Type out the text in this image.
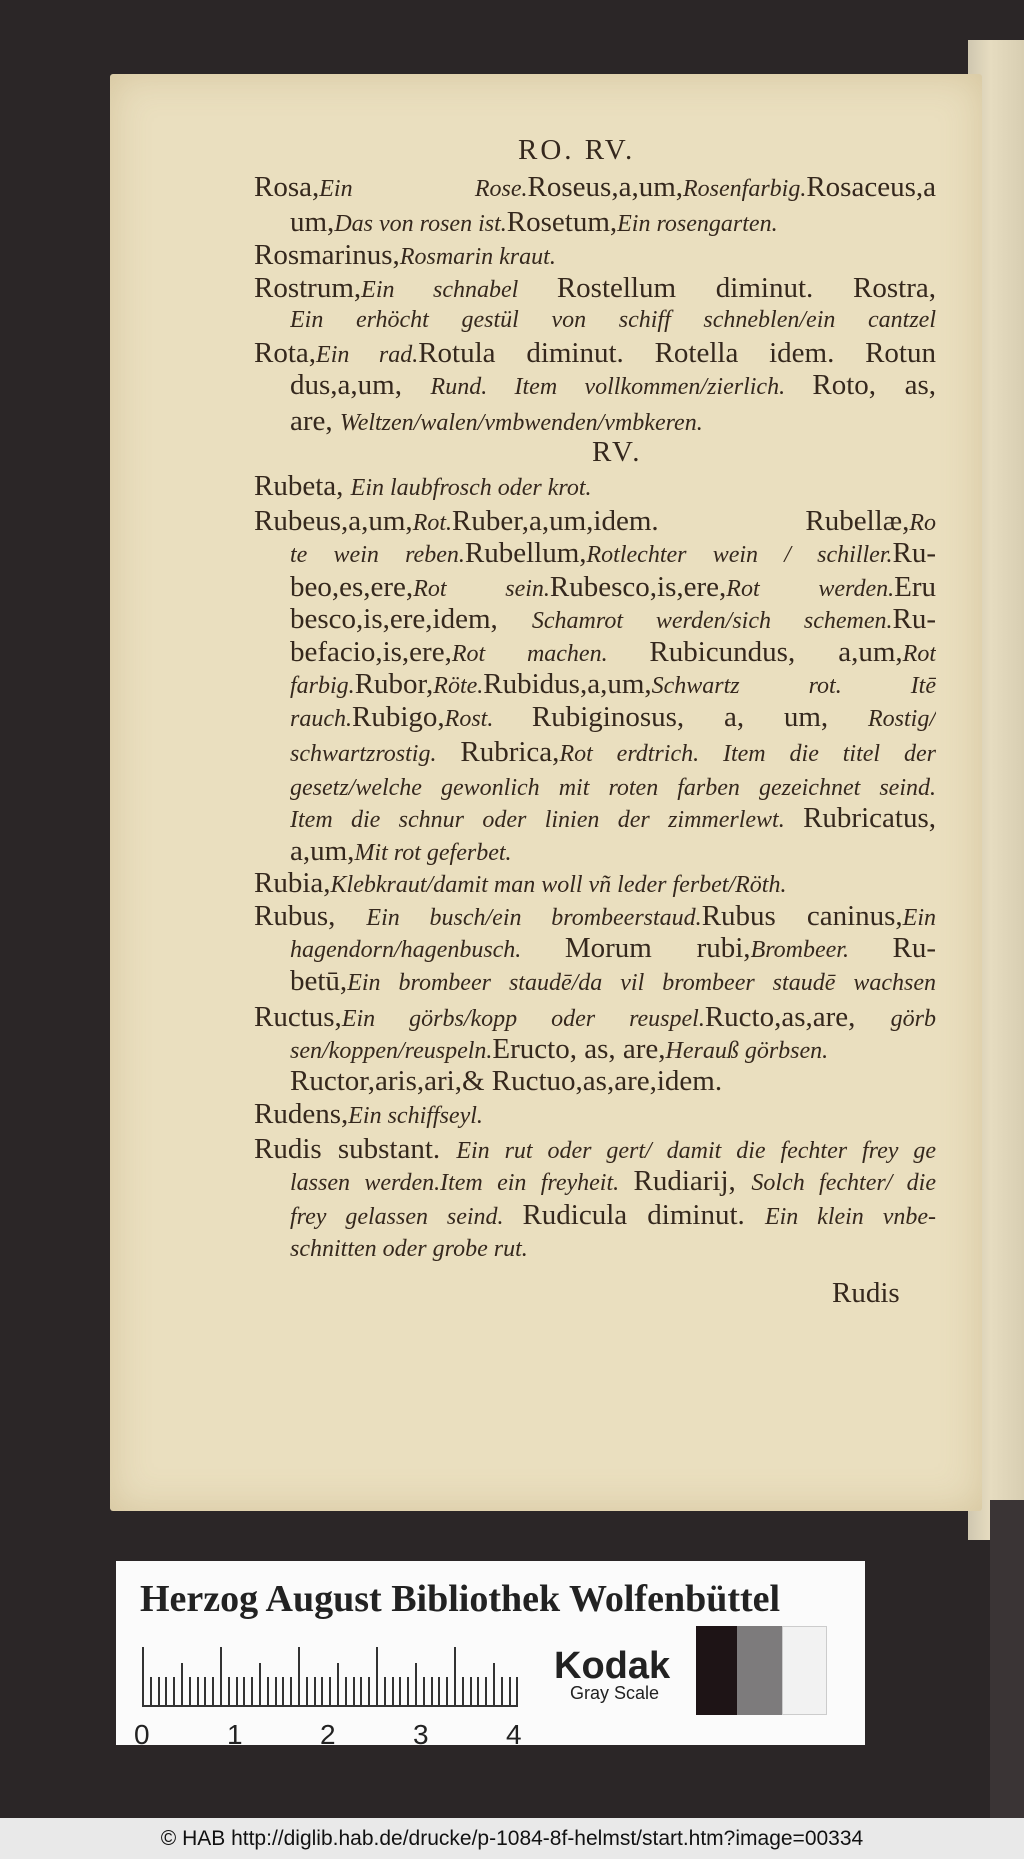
RO. RV.
RV.
Rosa,Ein Rose.Roseus,a,um,Rosenfarbig.Rosaceus,a
um,Das von rosen ist.Rosetum,Ein rosengarten.
Rosmarinus,Rosmarin kraut.
Rostrum,Ein schnabel Rostellum diminut. Rostra,
Ein erhöcht gestül von schiff schneblen/ein cantzel
Rota,Ein rad.Rotula diminut. Rotella idem. Rotun
dus,a,um, Rund. Item vollkommen/zierlich. Roto, as,
are, Weltzen/walen/vmbwenden/vmbkeren.
Rubeta, Ein laubfrosch oder krot.
Rubeus,a,um,Rot.Ruber,a,um,idem. Rubellæ,Ro
te wein reben.Rubellum,Rotlechter wein / schiller.Ru-
beo,es,ere,Rot sein.Rubesco,is,ere,Rot werden.Eru
besco,is,ere,idem, Schamrot werden/sich schemen.Ru-
befacio,is,ere,Rot machen. Rubicundus, a,um,Rot
farbig.Rubor,Röte.Rubidus,a,um,Schwartz rot. Itē
rauch.Rubigo,Rost. Rubiginosus, a, um, Rostig/
schwartzrostig. Rubrica,Rot erdtrich. Item die titel der
gesetz/welche gewonlich mit roten farben gezeichnet seind.
Item die schnur oder linien der zimmerlewt. Rubricatus,
a,um,Mit rot geferbet.
Rubia,Klebkraut/damit man woll vñ leder ferbet/Röth.
Rubus, Ein busch/ein brombeerstaud.Rubus caninus,Ein
hagendorn/hagenbusch. Morum rubi,Brombeer. Ru-
betū,Ein brombeer staudē/da vil brombeer staudē wachsen
Ructus,Ein görbs/kopp oder reuspel.Ructo,as,are, görb
sen/koppen/reuspeln.Eructo, as, are,Herauß görbsen.
Ructor,aris,ari,& Ructuo,as,are,idem.
Rudens,Ein schiffseyl.
Rudis substant. Ein rut oder gert/ damit die fechter frey ge
lassen werden.Item ein freyheit. Rudiarij, Solch fechter/ die
frey gelassen seind. Rudicula diminut. Ein klein vnbe-
schnitten oder grobe rut.
Rudis
Herzog August Bibliothek Wolfenbüttel
0	1	2	3	4
Kodak
Gray Scale
© HAB http://diglib.hab.de/drucke/p-1084-8f-helmst/start.htm?image=00334
